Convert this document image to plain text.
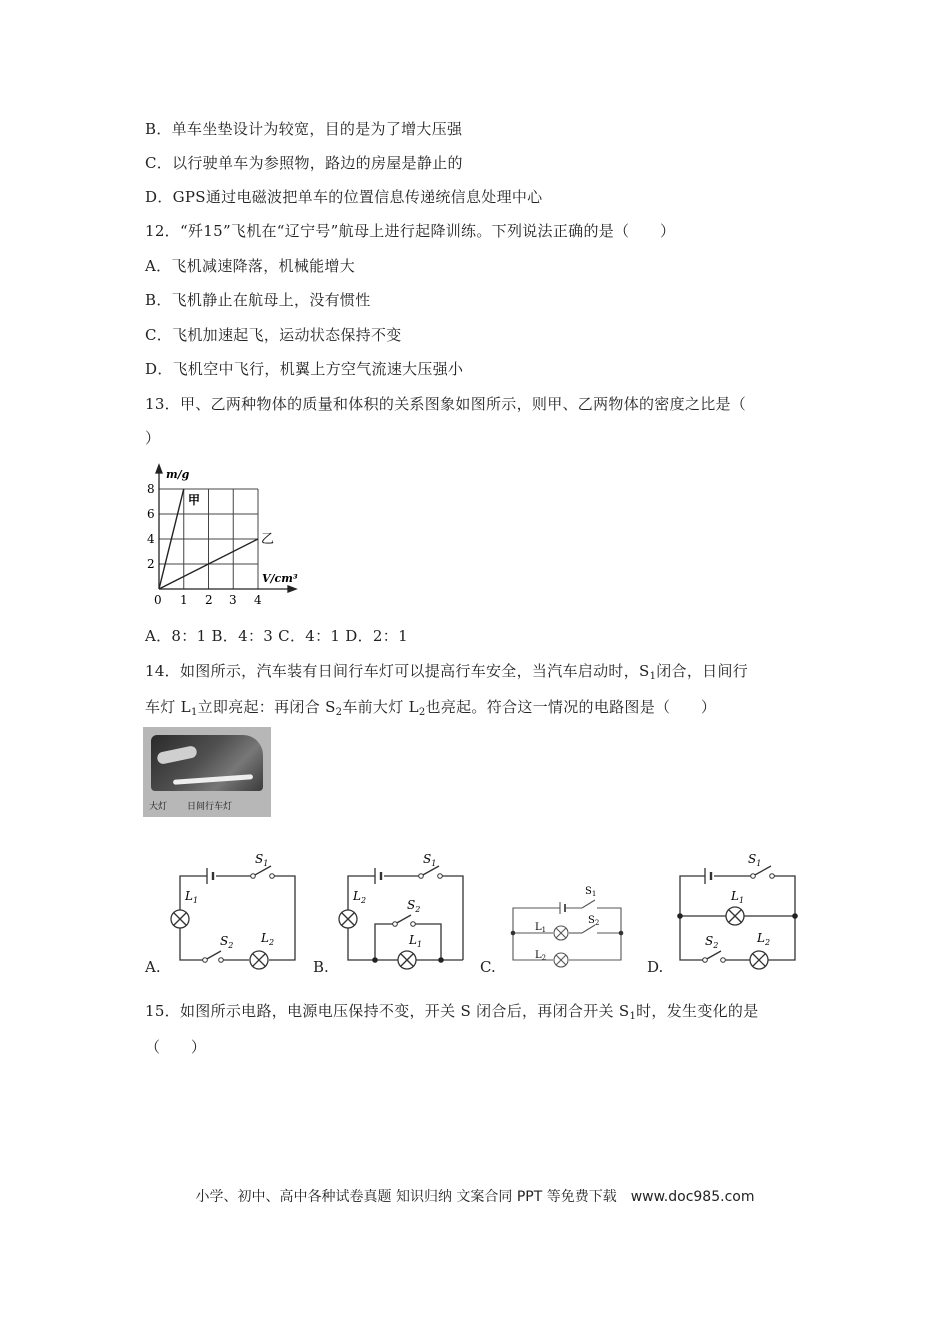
B．单车坐垫设计为较宽，目的是为了增大压强
C．以行驶单车为参照物，路边的房屋是静止的
D．GPS通过电磁波把单车的位置信息传递统信息处理中心
12．“歼15”飞机在“辽宁号”航母上进行起降训练。下列说法正确的是（　　）
A．飞机减速降落，机械能增大
B．飞机静止在航母上，没有惯性
C．飞机加速起飞，运动状态保持不变
D．飞机空中飞行，机翼上方空气流速大压强小
13．甲、乙两种物体的质量和体积的关系图象如图所示，则甲、乙两物体的密度之比是（
）
m/g
V/cm³
2
4
6
8
0 1 2 3 4
甲
乙
A．8：1 B．4：3 C．4：1 D．2：1
14．如图所示，汽车装有日间行车灯可以提高行车安全，当汽车启动时，$S_1$闭合，日间行
车灯 $L_1$立即亮起：再闭合 $S_2$车前大灯 $L_2$也亮起。符合这一情况的电路图是（　　）
大灯 日间行车灯
$S_1$
$L_1$
$S_2$
$L_2$
A.
$S_1$
$L_2$	$S_2$
$L_1$
B.
$S_1$
$S_2$
$L_1$
$L_2$
C.
$S_1$
$L_1$
$S_2$
$L_2$
D.
15．如图所示电路，电源电压保持不变，开关 S 闭合后，再闭合开关 $S_1$时，发生变化的是
（　　）
小学、初中、高中各种试卷真题 知识归纳 文案合同 PPT 等免费下载　www.doc985.com
